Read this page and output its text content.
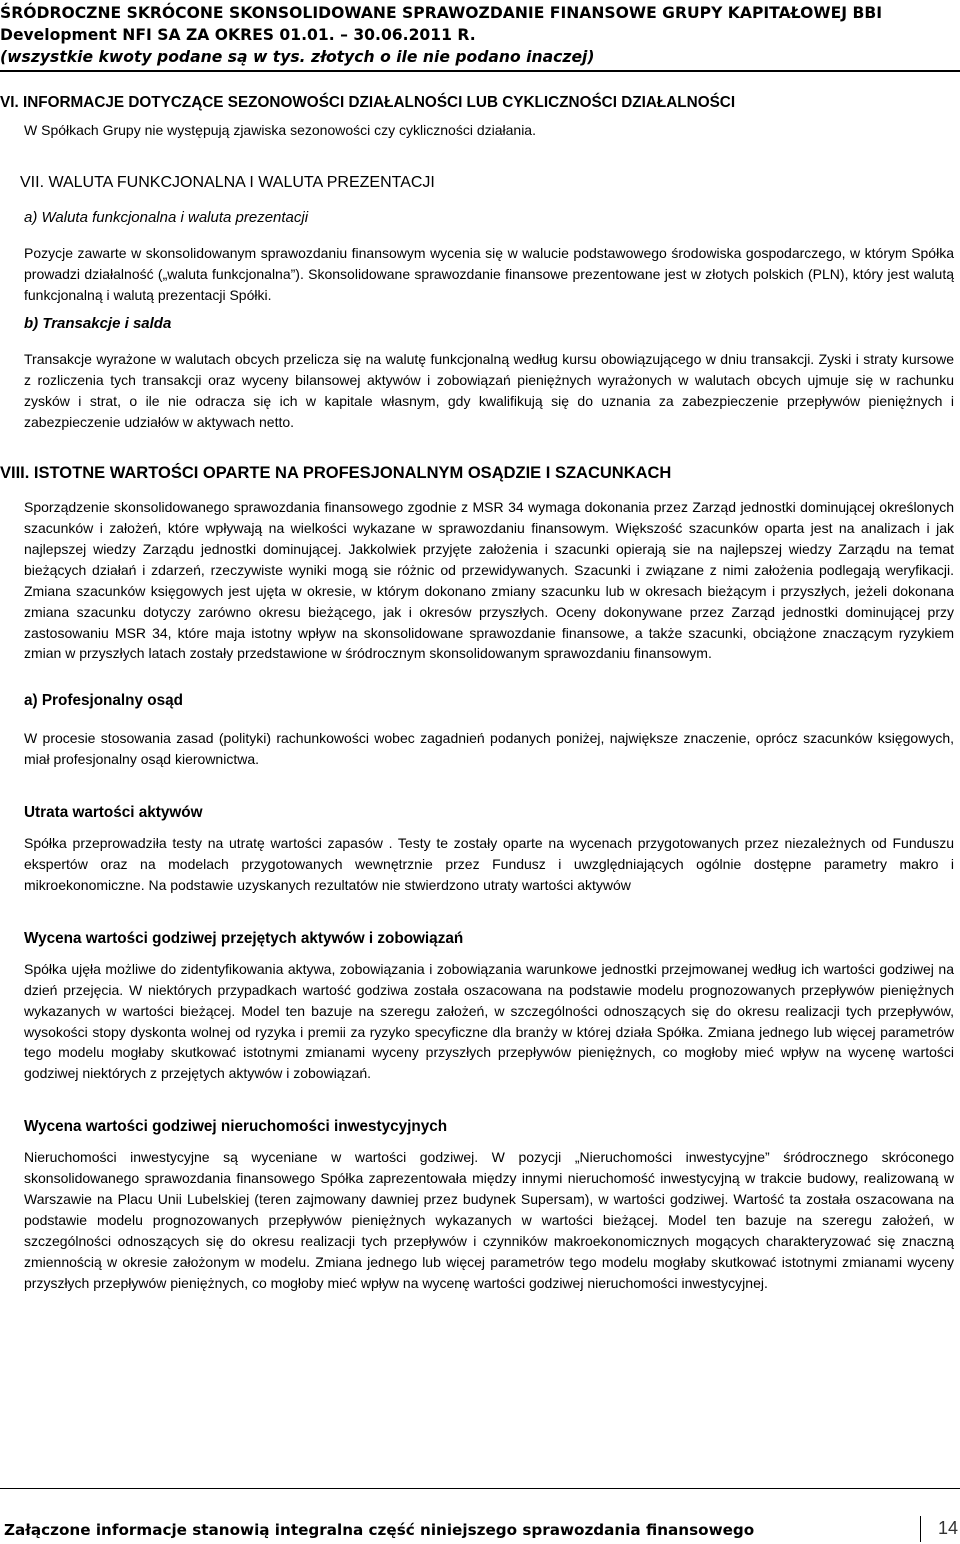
ŚRÓDROCZNE SKRÓCONE SKONSOLIDOWANE SPRAWOZDANIE FINANSOWE GRUPY KAPITAŁOWEJ BBI
Development NFI SA ZA OKRES 01.01. – 30.06.2011 R.
(wszystkie kwoty podane są w tys. złotych o ile nie podano inaczej)
VI. INFORMACJE DOTYCZĄCE SEZONOWOŚCI DZIAŁALNOŚCI LUB CYKLICZNOŚCI DZIAŁALNOŚCI

W Spółkach Grupy nie występują zjawiska sezonowości czy cykliczności działania.

VII. WALUTA FUNKCJONALNA I WALUTA PREZENTACJI

a) Waluta funkcjonalna i waluta prezentacji

Pozycje zawarte w skonsolidowanym sprawozdaniu finansowym wycenia się w walucie podstawowego środowiska gospodarczego, w którym Spółka prowadzi działalność („waluta funkcjonalna”). Skonsolidowane sprawozdanie finansowe prezentowane jest w złotych polskich (PLN), który jest walutą funkcjonalną i walutą prezentacji Spółki.

b) Transakcje i salda

Transakcje wyrażone w walutach obcych przelicza się na walutę funkcjonalną według kursu obowiązującego w dniu transakcji. Zyski i straty kursowe z rozliczenia tych transakcji oraz wyceny bilansowej aktywów i zobowiązań pieniężnych wyrażonych w walutach obcych ujmuje się w rachunku zysków i strat, o ile nie odracza się ich w kapitale własnym, gdy kwalifikują się do uznania za zabezpieczenie przepływów pieniężnych i zabezpieczenie udziałów w aktywach netto.

VIII. ISTOTNE WARTOŚCI OPARTE NA PROFESJONALNYM OSĄDZIE I SZACUNKACH

Sporządzenie skonsolidowanego sprawozdania finansowego zgodnie z MSR 34 wymaga dokonania przez Zarząd jednostki dominującej określonych szacunków i założeń, które wpływają na wielkości wykazane w sprawozdaniu finansowym. Większość szacunków oparta jest na analizach i jak najlepszej wiedzy Zarządu jednostki dominującej. Jakkolwiek przyjęte założenia i szacunki opierają sie na najlepszej wiedzy Zarządu na temat bieżących działań i zdarzeń, rzeczywiste wyniki mogą sie różnic od przewidywanych. Szacunki i związane z nimi założenia podlegają weryfikacji. Zmiana szacunków księgowych jest ujęta w okresie, w którym dokonano zmiany szacunku lub w okresach bieżącym i przyszłych, jeżeli dokonana zmiana szacunku dotyczy zarówno okresu bieżącego, jak i okresów przyszłych. Oceny dokonywane przez Zarząd jednostki dominującej przy zastosowaniu MSR 34, które maja istotny wpływ na skonsolidowane sprawozdanie finansowe, a także szacunki, obciążone znaczącym ryzykiem zmian w przyszłych latach zostały przedstawione w śródrocznym skonsolidowanym sprawozdaniu finansowym.

a) Profesjonalny osąd

W procesie stosowania zasad (polityki) rachunkowości wobec zagadnień podanych poniżej, największe znaczenie, oprócz szacunków księgowych, miał profesjonalny osąd kierownictwa.

Utrata wartości aktywów

Spółka przeprowadziła testy na utratę wartości zapasów . Testy te zostały oparte na wycenach przygotowanych przez niezależnych od Funduszu ekspertów oraz na modelach przygotowanych wewnętrznie przez Fundusz i uwzględniających ogólnie dostępne parametry makro i mikroekonomiczne. Na podstawie uzyskanych rezultatów nie stwierdzono utraty wartości aktywów

Wycena wartości godziwej przejętych aktywów i zobowiązań

Spółka ujęła możliwe do zidentyfikowania aktywa, zobowiązania i zobowiązania warunkowe jednostki przejmowanej według ich wartości godziwej na dzień przejęcia. W niektórych przypadkach wartość godziwa została oszacowana na podstawie modelu prognozowanych przepływów pieniężnych wykazanych w wartości bieżącej. Model ten bazuje na szeregu założeń, w szczególności odnoszących się do okresu realizacji tych przepływów, wysokości stopy dyskonta wolnej od ryzyka i premii za ryzyko specyficzne dla branży w której działa Spółka. Zmiana jednego lub więcej parametrów tego modelu mogłaby skutkować istotnymi zmianami wyceny przyszłych przepływów pieniężnych, co mogłoby mieć wpływ na wycenę wartości godziwej niektórych z przejętych aktywów i zobowiązań.

Wycena wartości godziwej nieruchomości inwestycyjnych

Nieruchomości inwestycyjne są wyceniane w wartości godziwej. W pozycji „Nieruchomości inwestycyjne” śródrocznego skróconego skonsolidowanego sprawozdania finansowego Spółka zaprezentowała między innymi nieruchomość inwestycyjną w trakcie budowy, realizowaną w Warszawie na Placu Unii Lubelskiej (teren zajmowany dawniej przez budynek Supersam), w wartości godziwej. Wartość ta została oszacowana na podstawie modelu prognozowanych przepływów pieniężnych wykazanych w wartości bieżącej. Model ten bazuje na szeregu założeń, w szczególności odnoszących się do okresu realizacji tych przepływów i czynników makroekonomicznych mogących charakteryzować się znaczną zmiennością w okresie założonym w modelu. Zmiana jednego lub więcej parametrów tego modelu mogłaby skutkować istotnymi zmianami wyceny przyszłych przepływów pieniężnych, co mogłoby mieć wpływ na wycenę wartości godziwej nieruchomości inwestycyjnej.

Załączone informacje stanowią integralna część niniejszego sprawozdania finansowego	14
